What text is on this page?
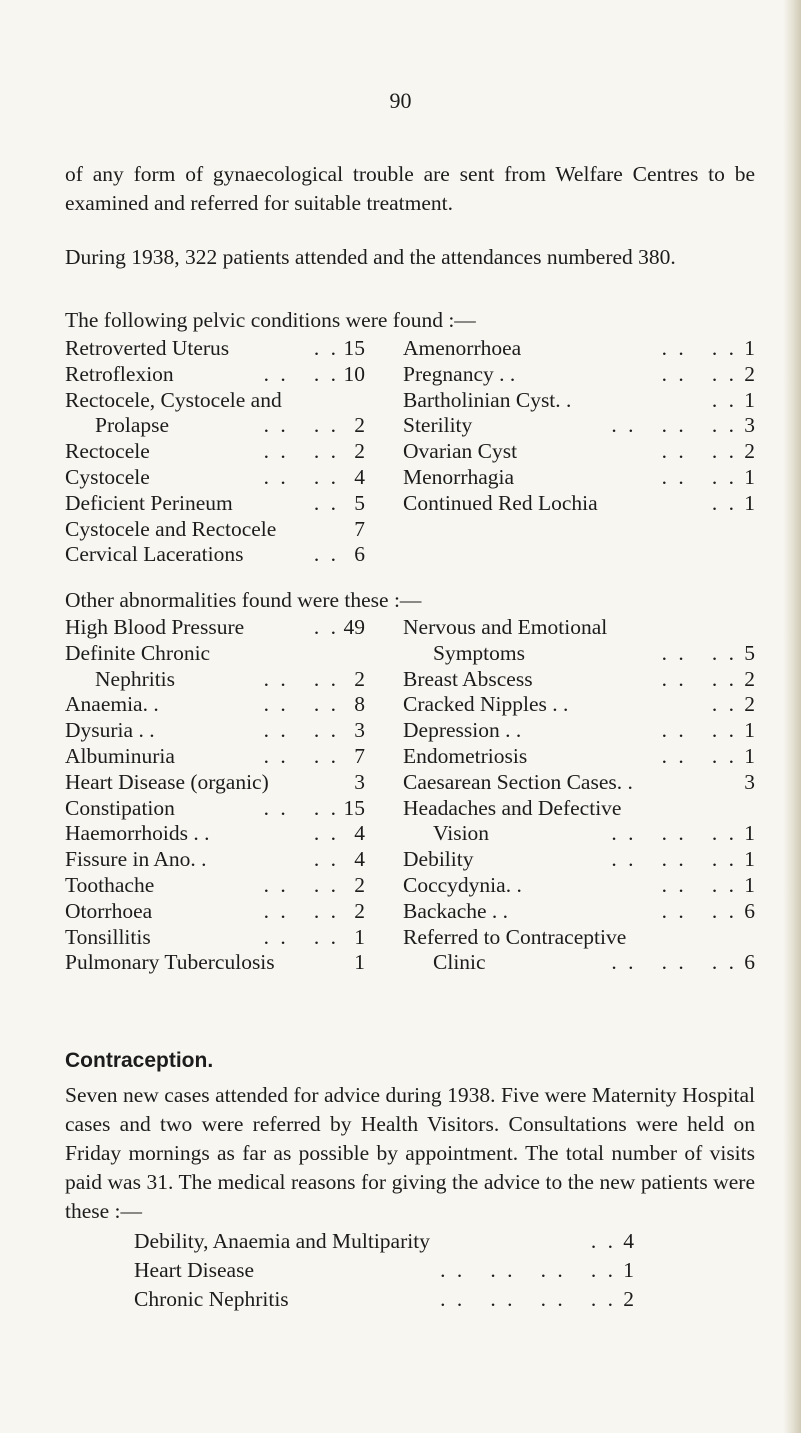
90

of any form of gynaecological trouble are sent from Welfare Centres to be examined and referred for suitable treatment.

During 1938, 322 patients attended and the attendances numbered 380.

The following pelvic conditions were found :—
Retroverted Uterus	. . 15
Retroflexion	. .   . . 10
Rectocele, Cystocele and
Prolapse	. .   . . 2
Rectocele	. .   . . 2
Cystocele	. .   . . 4
Deficient Perineum	. . 5
Cystocele and Rectocele	7
Cervical Lacerations	. . 6
Amenorrhoea	. .   . . 1
Pregnancy . .	. .   . . 2
Bartholinian Cyst. .	. . 1
Sterility	. .   . .   . . 3
Ovarian Cyst	. .   . . 2
Menorrhagia	. .   . . 1
Continued Red Lochia	. . 1
Other abnormalities found were these :—
High Blood Pressure	. . 49
Definite Chronic
Nephritis	. .   . . 2
Anaemia. .	. .   . . 8
Dysuria . .	. .   . . 3
Albuminuria	. .   . . 7
Heart Disease (organic)	3
Constipation	. .   . . 15
Haemorrhoids . .	. . 4
Fissure in Ano. .	. . 4
Toothache	. .   . . 2
Otorrhoea	. .   . . 2
Tonsillitis	. .   . . 1
Pulmonary Tuberculosis	1
Nervous and Emotional
Symptoms	. .   . . 5
Breast Abscess	. .   . . 2
Cracked Nipples . .	. . 2
Depression . .	. .   . . 1
Endometriosis	. .   . . 1
Caesarean Section Cases. .	3
Headaches and Defective
Vision	. .   . .   . . 1
Debility	. .   . .   . . 1
Coccydynia. .	. .   . . 1
Backache . .	. .   . . 6
Referred to Contraceptive
Clinic	. .   . .   . . 6
Contraception.

Seven new cases attended for advice during 1938. Five were Maternity Hospital cases and two were referred by Health Visitors. Consultations were held on Friday mornings as far as possible by appointment. The total number of visits paid was 31. The medical reasons for giving the advice to the new patients were these :—

Debility, Anaemia and Multiparity	. . 4
Heart Disease	. .   . .   . .   . . 1
Chronic Nephritis	. .   . .   . .   . . 2
